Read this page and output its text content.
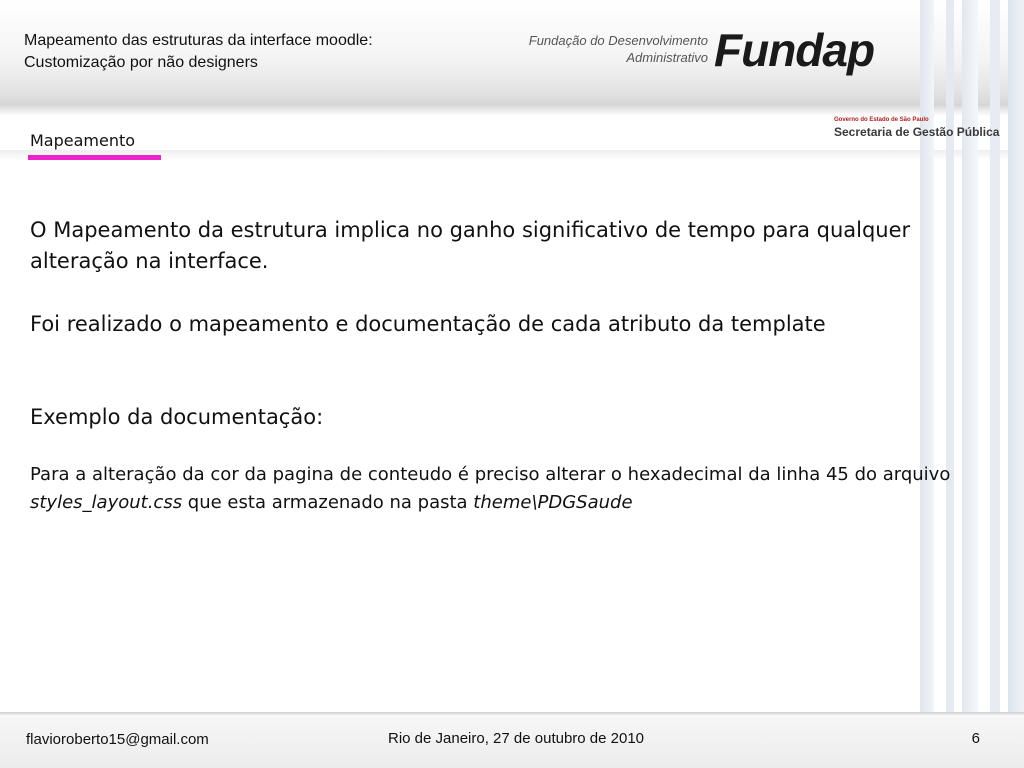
Mapeamento das estruturas da interface moodle:
Customização por não designers
Fundação do Desenvolvimento
Administrativo Fundap
Governo do Estado de São Paulo
Secretaria de Gestão Pública
Mapeamento

O Mapeamento da estrutura implica no ganho significativo de tempo para qualquer alteração na interface.

Foi realizado o mapeamento e documentação de cada atributo da template

Exemplo da documentação:

Para a alteração da cor da pagina de conteudo é preciso alterar o hexadecimal da linha 45 do arquivo styles_layout.css que esta armazenado na pasta theme\PDGSaude

flavioroberto15@gmail.com	Rio de Janeiro, 27 de outubro de 2010	6
